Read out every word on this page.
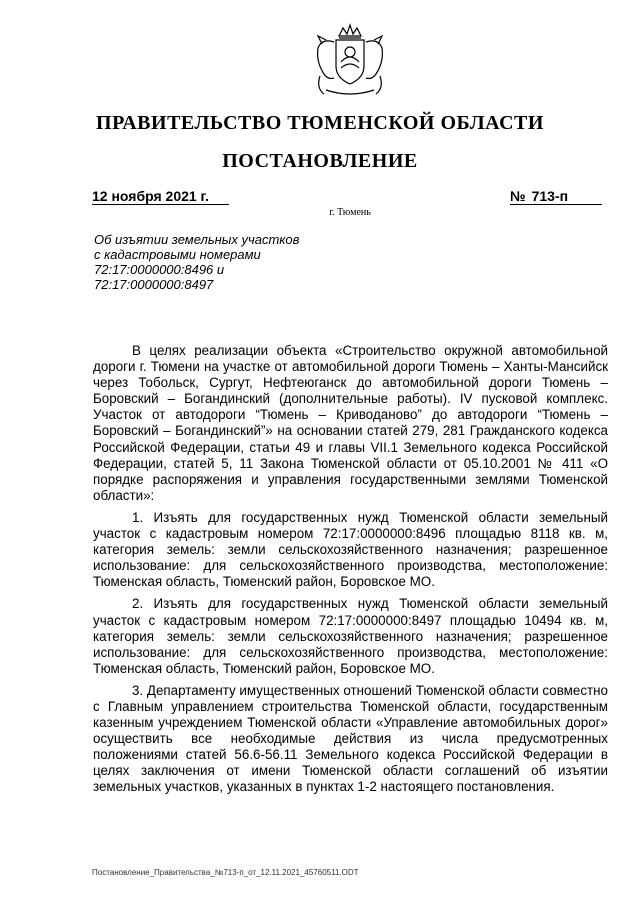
ПРАВИТЕЛЬСТВО ТЮМЕНСКОЙ ОБЛАСТИ
ПОСТАНОВЛЕНИЕ
12 ноября 2021 г.	№ 713-п
г. Тюмень
Об изъятии земельных участков
с кадастровыми номерами
72:17:0000000:8496 и
72:17:0000000:8497

В целях реализации объекта «Строительство окружной автомобильной дороги г. Тюмени на участке от автомобильной дороги Тюмень – Ханты-Мансийск через Тобольск, Сургут, Нефтеюганск до автомобильной дороги Тюмень – Боровский – Богандинский (дополнительные работы). IV пусковой комплекс. Участок от автодороги “Тюмень – Криводаново” до автодороги “Тюмень – Боровский – Богандинский”» на основании статей 279, 281 Гражданского кодекса Российской Федерации, статьи 49 и главы VII.1 Земельного кодекса Российской Федерации, статей 5, 11 Закона Тюменской области от 05.10.2001 № 411 «О порядке распоряжения и управления государственными землями Тюменской области»:

1. Изъять для государственных нужд Тюменской области земельный участок с кадастровым номером 72:17:0000000:8496 площадью 8118 кв. м, категория земель: земли сельскохозяйственного назначения; разрешенное использование: для сельскохозяйственного производства, местоположение: Тюменская область, Тюменский район, Боровское МО.

2. Изъять для государственных нужд Тюменской области земельный участок с кадастровым номером 72:17:0000000:8497 площадью 10494 кв. м, категория земель: земли сельскохозяйственного назначения; разрешенное использование: для сельскохозяйственного производства, местоположение: Тюменская область, Тюменский район, Боровское МО.

3. Департаменту имущественных отношений Тюменской области совместно с Главным управлением строительства Тюменской области, государственным казенным учреждением Тюменской области «Управление автомобильных дорог» осуществить все необходимые действия из числа предусмотренных положениями статей 56.6-56.11 Земельного кодекса Российской Федерации в целях заключения от имени Тюменской области соглашений об изъятии земельных участков, указанных в пунктах 1-2 настоящего постановления.

Постановление_Правительства_№713-п_от_12.11.2021_45760511.ODT
